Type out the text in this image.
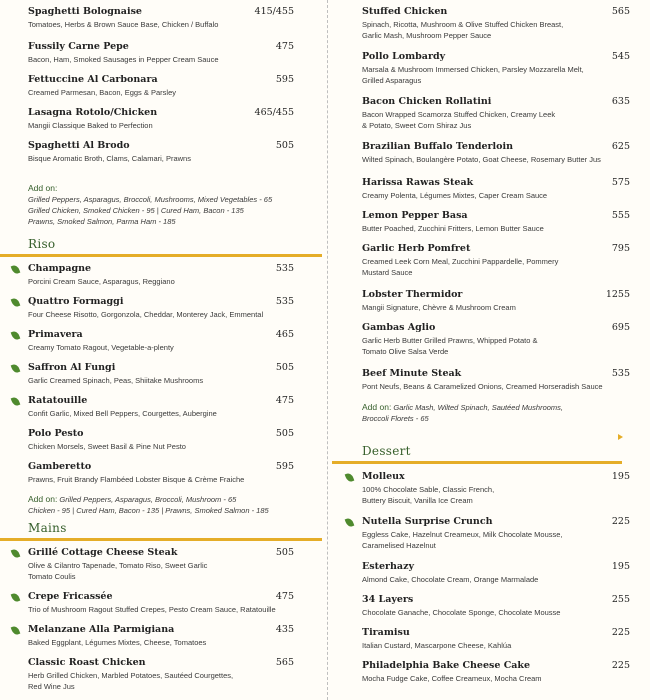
Spaghetti Bolognaise	415/455
Tomatoes, Herbs & Brown Sauce Base, Chicken / Buffalo
Fussily Carne Pepe	475
Bacon, Ham, Smoked Sausages in Pepper Cream Sauce
Fettuccine Al Carbonara	595
Creamed Parmesan, Bacon, Eggs & Parsley
Lasagna Rotolo/Chicken	465/455
Mangii Classique Baked to Perfection
Spaghetti Al Brodo	505
Bisque Aromatic Broth, Clams, Calamari, Prawns
Add on:
Grilled Peppers, Asparagus, Broccoli, Mushrooms, Mixed Vegetables - 65
Grilled Chicken, Smoked Chicken - 95 | Cured Ham, Bacon - 135
Prawns, Smoked Salmon, Parma Ham - 185
Riso
Champagne	535
Porcini Cream Sauce, Asparagus, Reggiano
Quattro Formaggi	535
Four Cheese Risotto, Gorgonzola, Cheddar, Monterey Jack, Emmental
Primavera	465
Creamy Tomato Ragout, Vegetable-a-plenty
Saffron Al Fungi	505
Garlic Creamed Spinach, Peas, Shiitake Mushrooms
Ratatouille	475
Confit Garlic, Mixed Bell Peppers, Courgettes, Aubergine
Polo Pesto	505
Chicken Morsels, Sweet Basil & Pine Nut Pesto
Gamberetto	595
Prawns, Fruit Brandy Flambéed Lobster Bisque & Crème Fraiche
Add on: Grilled Peppers, Asparagus, Broccoli, Mushroom - 65
Chicken - 95 | Cured Ham, Bacon - 135 | Prawns, Smoked Salmon - 185
Mains
Grillé Cottage Cheese Steak	505
Olive & Cilantro Tapenade, Tomato Riso, Sweet Garlic Tomato Coulis
Crepe Fricassée	475
Trio of Mushroom Ragout Stuffed Crepes, Pesto Cream Sauce, Ratatouille
Melanzane Alla Parmigiana	435
Baked Eggplant, Légumes Mixtes, Cheese, Tomatoes
Classic Roast Chicken	565
Herb Grilled Chicken, Marbled Potatoes, Sautéed Courgettes, Red Wine Jus
Stuffed Chicken	565
Spinach, Ricotta, Mushroom & Olive Stuffed Chicken Breast, Garlic Mash, Mushroom Pepper Sauce
Pollo Lombardy	545
Marsala & Mushroom Immersed Chicken, Parsley Mozzarella Melt, Grilled Asparagus
Bacon Chicken Rollatini	635
Bacon Wrapped Scamorza Stuffed Chicken, Creamy Leek & Potato, Sweet Corn Shiraz Jus
Brazilian Buffalo Tenderloin	625
Wilted Spinach, Boulangère Potato, Goat Cheese, Rosemary Butter Jus
Harissa Rawas Steak	575
Creamy Polenta, Légumes Mixtes, Caper Cream Sauce
Lemon Pepper Basa	555
Butter Poached, Zucchini Fritters, Lemon Butter Sauce
Garlic Herb Pomfret	795
Creamed Leek Corn Meal, Zucchini Pappardelle, Pommery Mustard Sauce
Lobster Thermidor	1255
Mangii Signature, Chèvre & Mushroom Cream
Gambas Aglio	695
Garlic Herb Butter Grilled Prawns, Whipped Potato & Tomato Olive Salsa Verde
Beef Minute Steak	535
Pont Neufs, Beans & Caramelized Onions, Creamed Horseradish Sauce
Add on: Garlic Mash, Wilted Spinach, Sautéed Mushrooms,
Broccoli Florets - 65
Dessert
Molleux	195
100% Chocolate Sable, Classic French, Buttery Biscuit, Vanilla Ice Cream
Nutella Surprise Crunch	225
Eggless Cake, Hazelnut Creameux, Milk Chocolate Mousse, Caramelised Hazelnut
Esterhazy	195
Almond Cake, Chocolate Cream, Orange Marmalade
34 Layers	255
Chocolate Ganache, Chocolate Sponge, Chocolate Mousse
Tiramisu	225
Italian Custard, Mascarpone Cheese, Kahlúa
Philadelphia Bake Cheese Cake	225
Mocha Fudge Cake, Coffee Creameux, Mocha Cream
